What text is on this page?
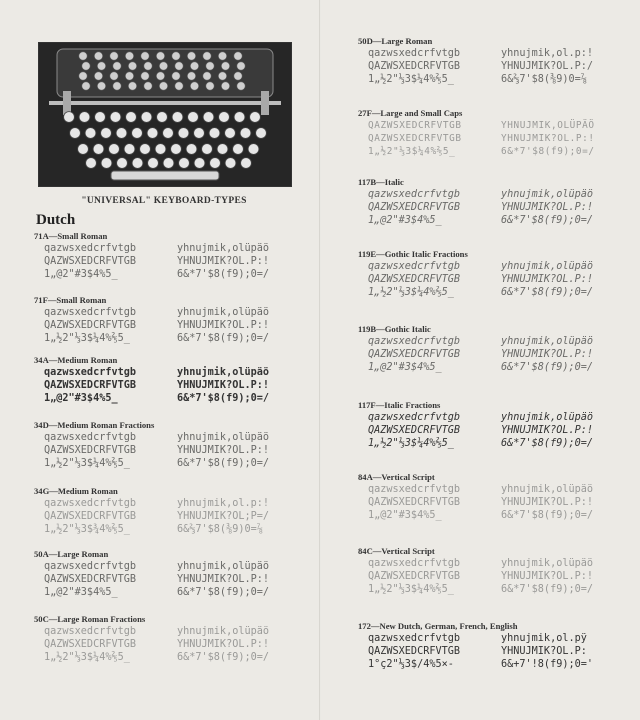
"UNIVERSAL" KEYBOARD-TYPES
Dutch
71A—Small Roman
qazwsxedcrfvtgb	yhnujmik,olüpäö
QAZWSXEDCRFVTGB	YHNUJMIK?OL.P:!
1„@2"#3$4%5_	6&*7'$8(f9);0=/
71F—Small Roman
qazwsxedcrfvtgb	yhnujmik,olüpäö
QAZWSXEDCRFVTGB	YHNUJMIK?OL.P:!
1„½2"⅓3$¼4%⅖5_	6&*7'$8(f9);0=/
34A—Medium Roman
qazwsxedcrfvtgb	yhnujmik,olüpäö
QAZWSXEDCRFVTGB	YHNUJMIK?OL.P:!
1„@2"#3$4%5_	6&*7'$8(f9);0=/
34D—Medium Roman Fractions
qazwsxedcrfvtgb	yhnujmik,olüpäö
QAZWSXEDCRFVTGB	YHNUJMIK?OL.P:!
1„½2"⅓3$¼4%⅖5_	6&*7'$8(f9);0=/
34G—Medium Roman
qazwsxedcrfvtgb	yhnujmik,ol.p:!
QAZWSXEDCRFVTGB	YHNUJMIK?OL;P=/
1„½2"⅓3$¾4%⅖5_	6&⅔7'$8(⅜9)0=⅞
50A—Large Roman
qazwsxedcrfvtgb	yhnujmik,olüpäö
QAZWSXEDCRFVTGB	YHNUJMIK?OL.P:!
1„@2"#3$4%5_	6&*7'$8(f9);0=/
50C—Large Roman Fractions
qazwsxedcrfvtgb	yhnujmik,olüpäö
QAZWSXEDCRFVTGB	YHNUJMIK?OL.P:!
1„½2"⅓3$¼4%⅖5_	6&*7'$8(f9);0=/
50D—Large Roman
qazwsxedcrfvtgb	yhnujmik,ol.p:!
QAZWSXEDCRFVTGB	YHNUJMIK?OL.P:/
1„½2"⅓3$¼4%⅖5_	6&⅔7'$8(⅜9)0=⅞
27F—Large and Small Caps
QAZWSXEDCRFVTGB	YHNUJMIK,OLÜPÄÖ
QAZWSXEDCRFVTGB	YHNUJMIK?OL.P:!
1„½2"⅓3$¼4%⅖5_	6&*7'$8(f9);0=/
117B—Italic
qazwsxedcrfvtgb	yhnujmik,olüpäö
QAZWSXEDCRFVTGB	YHNUJMIK?OL.P:!
1„@2"#3$4%5_	6&*7'$8(f9);0=/
119E—Gothic Italic Fractions
qazwsxedcrfvtgb	yhnujmik,olüpäö
QAZWSXEDCRFVTGB	YHNUJMIK?OL.P:!
1„½2"⅓3$¼4%⅖5_	6&*7'$8(f9);0=/
119B—Gothic Italic
qazwsxedcrfvtgb	yhnujmik,olüpäö
QAZWSXEDCRFVTGB	YHNUJMIK?OL.P:!
1„@2"#3$4%5_	6&*7'$8(f9);0=/
117F—Italic Fractions
qazwsxedcrfvtgb	yhnujmik,olüpäö
QAZWSXEDCRFVTGB	YHNUJMIK?OL.P:!
1„½2"⅓3$¼4%⅖5_	6&*7'$8(f9);0=/
84A—Vertical Script
qazwsxedcrfvtgb	yhnujmik,olüpäö
QAZWSXEDCRFVTGB	YHNUJMIK?OL.P:!
1„@2"#3$4%5_	6&*7'$8(f9);0=/
84C—Vertical Script
qazwsxedcrfvtgb	yhnujmik,olüpäö
QAZWSXEDCRFVTGB	YHNUJMIK?OL.P:!
1„½2"⅓3$¼4%⅖5_	6&*7'$8(f9);0=/
172—New Dutch, German, French, English
qazwsxedcrfvtgb	yhnujmik,ol.pÿ
QAZWSXEDCRFVTGB	YHNUJMIK?OL.P:
1°ç2"⅓3$/4%5×-	6&+7'!8(f9);0='
